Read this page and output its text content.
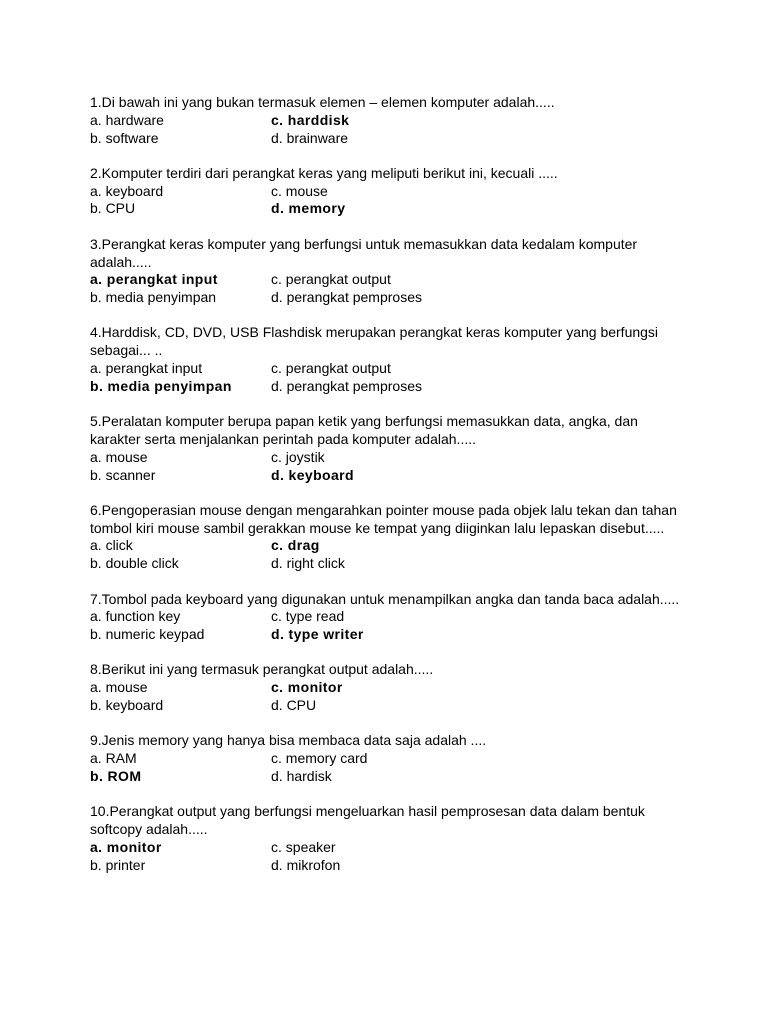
1.Di bawah ini yang bukan termasuk elemen – elemen komputer adalah.....
a. hardware	c. harddisk
b. software	d. brainware
2.Komputer terdiri dari perangkat keras yang meliputi berikut ini, kecuali .....
a. keyboard	c. mouse
b. CPU	d. memory
3.Perangkat keras komputer yang berfungsi untuk memasukkan data kedalam komputer adalah.....
a. perangkat input	c. perangkat output
b. media penyimpan	d. perangkat pemproses
4.Harddisk, CD, DVD, USB Flashdisk merupakan perangkat keras komputer yang berfungsi sebagai... ..
a. perangkat input	c. perangkat output
b. media penyimpan	d. perangkat pemproses
5.Peralatan komputer berupa papan ketik yang berfungsi memasukkan data, angka, dan karakter serta menjalankan perintah pada komputer adalah.....
a. mouse	c. joystik
b. scanner	d. keyboard
6.Pengoperasian mouse dengan mengarahkan pointer mouse pada objek lalu tekan dan tahan tombol kiri mouse sambil gerakkan mouse ke tempat yang diiginkan lalu lepaskan disebut.....
a. click	c. drag
b. double click	d. right click
7.Tombol pada keyboard yang digunakan untuk menampilkan angka dan tanda baca adalah.....
a. function key	c. type read
b. numeric keypad	d. type writer
8.Berikut ini yang termasuk perangkat output adalah.....
a. mouse	c. monitor
b. keyboard	d. CPU
9.Jenis memory yang hanya bisa membaca data saja adalah ....
a. RAM	c. memory card
b. ROM	d. hardisk
10.Perangkat output yang berfungsi mengeluarkan hasil pemprosesan data dalam bentuk softcopy adalah.....
a. monitor	c. speaker
b. printer	d. mikrofon
